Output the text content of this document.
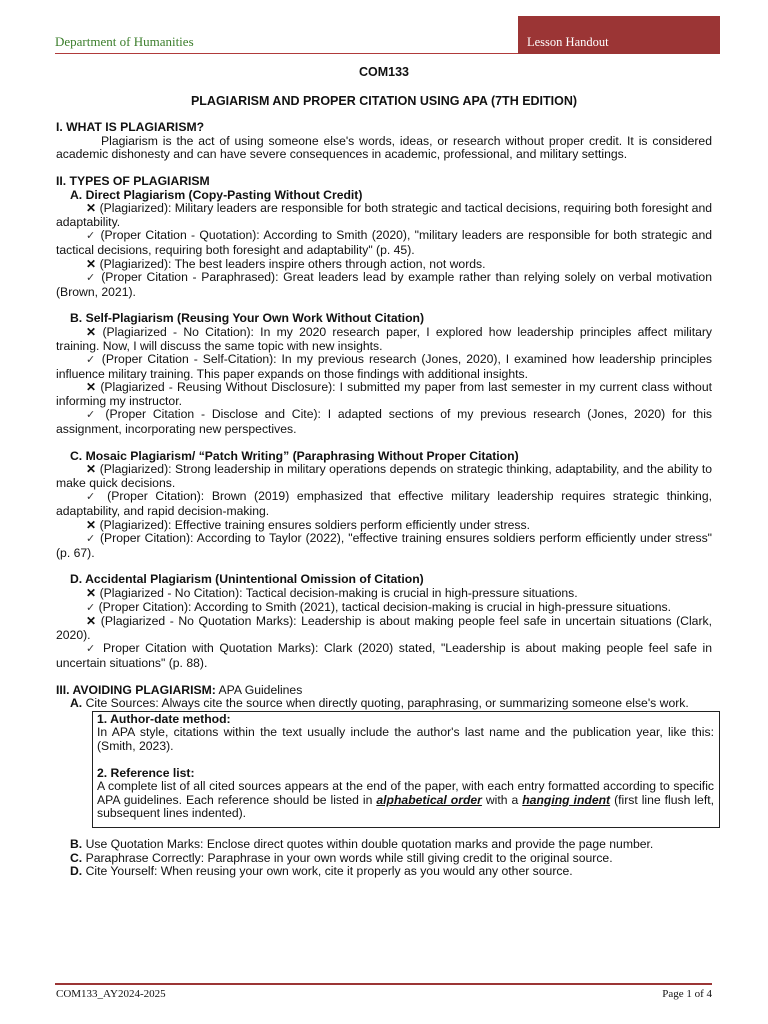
Department of Humanities	Lesson Handout

COM133

PLAGIARISM AND PROPER CITATION USING APA (7TH EDITION)

I. WHAT IS PLAGIARISM?

Plagiarism is the act of using someone else's words, ideas, or research without proper credit. It is considered academic dishonesty and can have severe consequences in academic, professional, and military settings.

II. TYPES OF PLAGIARISM

A. Direct Plagiarism (Copy-Pasting Without Credit)

✕ (Plagiarized): Military leaders are responsible for both strategic and tactical decisions, requiring both foresight and adaptability.

✓ (Proper Citation - Quotation): According to Smith (2020), "military leaders are responsible for both strategic and tactical decisions, requiring both foresight and adaptability" (p. 45).

✕ (Plagiarized): The best leaders inspire others through action, not words.

✓ (Proper Citation - Paraphrased): Great leaders lead by example rather than relying solely on verbal motivation (Brown, 2021).

B. Self-Plagiarism (Reusing Your Own Work Without Citation)

✕ (Plagiarized - No Citation): In my 2020 research paper, I explored how leadership principles affect military training. Now, I will discuss the same topic with new insights.

✓ (Proper Citation - Self-Citation): In my previous research (Jones, 2020), I examined how leadership principles influence military training. This paper expands on those findings with additional insights.

✕ (Plagiarized - Reusing Without Disclosure): I submitted my paper from last semester in my current class without informing my instructor.

✓ (Proper Citation - Disclose and Cite): I adapted sections of my previous research (Jones, 2020) for this assignment, incorporating new perspectives.

C. Mosaic Plagiarism/ “Patch Writing” (Paraphrasing Without Proper Citation)

✕ (Plagiarized): Strong leadership in military operations depends on strategic thinking, adaptability, and the ability to make quick decisions.

✓ (Proper Citation): Brown (2019) emphasized that effective military leadership requires strategic thinking, adaptability, and rapid decision-making.

✕ (Plagiarized): Effective training ensures soldiers perform efficiently under stress.

✓ (Proper Citation): According to Taylor (2022), "effective training ensures soldiers perform efficiently under stress" (p. 67).

D. Accidental Plagiarism (Unintentional Omission of Citation)

✕ (Plagiarized - No Citation): Tactical decision-making is crucial in high-pressure situations.

✓ (Proper Citation): According to Smith (2021), tactical decision-making is crucial in high-pressure situations.

✕ (Plagiarized - No Quotation Marks): Leadership is about making people feel safe in uncertain situations (Clark, 2020).

✓ Proper Citation with Quotation Marks): Clark (2020) stated, "Leadership is about making people feel safe in uncertain situations" (p. 88).

III. AVOIDING PLAGIARISM: APA Guidelines

A. Cite Sources: Always cite the source when directly quoting, paraphrasing, or summarizing someone else's work.

1. Author-date method:

In APA style, citations within the text usually include the author's last name and the publication year, like this: (Smith, 2023).

2. Reference list:

A complete list of all cited sources appears at the end of the paper, with each entry formatted according to specific APA guidelines. Each reference should be listed in alphabetical order with a hanging indent (first line flush left, subsequent lines indented).

B. Use Quotation Marks: Enclose direct quotes within double quotation marks and provide the page number.

C. Paraphrase Correctly: Paraphrase in your own words while still giving credit to the original source.

D. Cite Yourself: When reusing your own work, cite it properly as you would any other source.

COM133_AY2024-2025	Page 1 of 4
